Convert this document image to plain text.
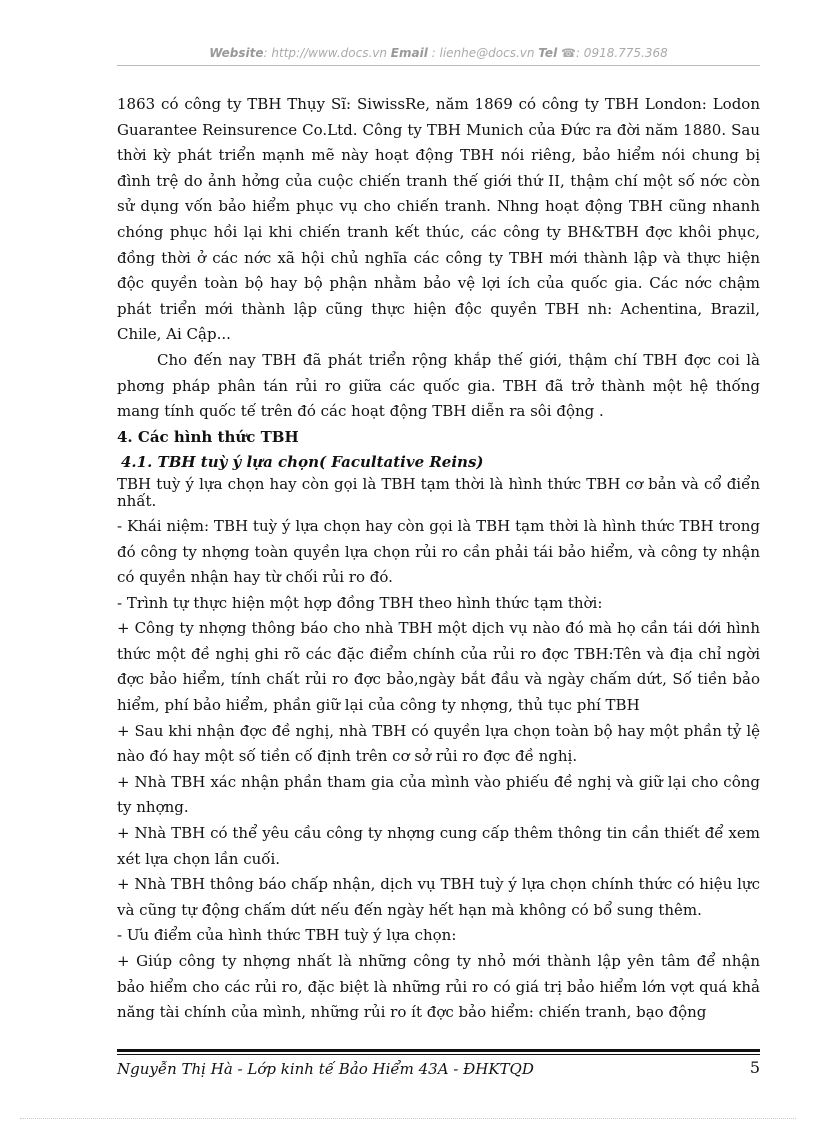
Website: http://www.docs.vn Email : lienhe@docs.vn Tel ☎: 0918.775.368

1863 có công ty TBH Thụy Sĩ: SiwissRe, năm 1869 có công ty TBH London: Lodon Guarantee Reinsurence Co.Ltd. Công ty TBH Munich của Đức ra đời năm 1880. Sau thời kỳ phát triển mạnh mẽ này hoạt động TBH nói riêng, bảo hiểm nói chung bị đình trệ do ảnh hởng của cuộc chiến tranh thế giới thứ II, thậm chí một số nớc còn sử dụng vốn bảo hiểm phục vụ cho chiến tranh. Nhng hoạt động TBH cũng nhanh chóng phục hồi lại khi chiến tranh kết thúc, các công ty BH&TBH đợc khôi phục, đồng thời ở các nớc xã hội chủ nghĩa các công ty TBH mới thành lập và thực hiện độc quyền toàn bộ hay bộ phận nhằm bảo vệ lợi ích của quốc gia. Các nớc chậm phát triển mới thành lập cũng thực hiện độc quyền TBH nh: Achentina, Brazil, Chile, Ai Cập...

Cho đến nay TBH đã phát triển rộng khắp thế giới, thậm chí TBH đợc coi là phơng pháp phân tán rủi ro giữa các quốc gia. TBH đã trở thành một hệ thống mang tính quốc tế trên đó các hoạt động TBH diễn ra sôi động .

4. Các hình thức TBH

4.1. TBH tuỳ ý lựa chọn( Facultative Reins)

TBH tuỳ ý lựa chọn hay còn gọi là TBH tạm thời là hình thức TBH cơ bản và cổ điển nhất.

- Khái niệm: TBH tuỳ ý lựa chọn hay còn gọi là TBH tạm thời là hình thức TBH trong đó công ty nhợng toàn quyền lựa chọn rủi ro cần phải tái bảo hiểm, và công ty nhận có quyền nhận hay từ chối rủi ro đó.

- Trình tự thực hiện một hợp đồng TBH theo hình thức tạm thời:

+ Công ty nhợng thông báo cho nhà TBH một dịch vụ nào đó mà họ cần tái dới hình thức một đề nghị ghi rõ các đặc điểm chính của rủi ro đợc TBH:Tên và địa chỉ ngời đợc bảo hiểm, tính chất rủi ro đợc bảo,ngày bắt đầu và ngày chấm dứt, Số tiền bảo hiểm, phí bảo hiểm, phần giữ lại của công ty nhợng, thủ tục phí TBH

+ Sau khi nhận đợc đề nghị, nhà TBH có quyền lựa chọn toàn bộ hay một phần tỷ lệ nào đó hay một số tiền cố định trên cơ sở rủi ro đợc đề nghị.

+ Nhà TBH xác nhận phần tham gia của mình vào phiếu đề nghị và giữ lại cho công ty nhợng.

+ Nhà TBH có thể yêu cầu công ty nhợng cung cấp thêm thông tin cần thiết để xem xét lựa chọn lần cuối.

+ Nhà TBH thông báo chấp nhận, dịch vụ TBH tuỳ ý lựa chọn chính thức có hiệu lực và cũng tự động chấm dứt nếu đến ngày hết hạn mà không có bổ sung thêm.

- Ưu điểm của hình thức TBH tuỳ ý lựa chọn:

+ Giúp công ty nhợng nhất là những công ty nhỏ mới thành lập yên tâm để nhận bảo hiểm cho các rủi ro, đặc biệt là những rủi ro có giá trị bảo hiểm lớn vợt quá khả năng tài chính của mình, những rủi ro ít đợc bảo hiểm: chiến tranh, bạo động

Nguyễn Thị Hà - Lớp kinh tế Bảo Hiểm 43A - ĐHKTQD	5
